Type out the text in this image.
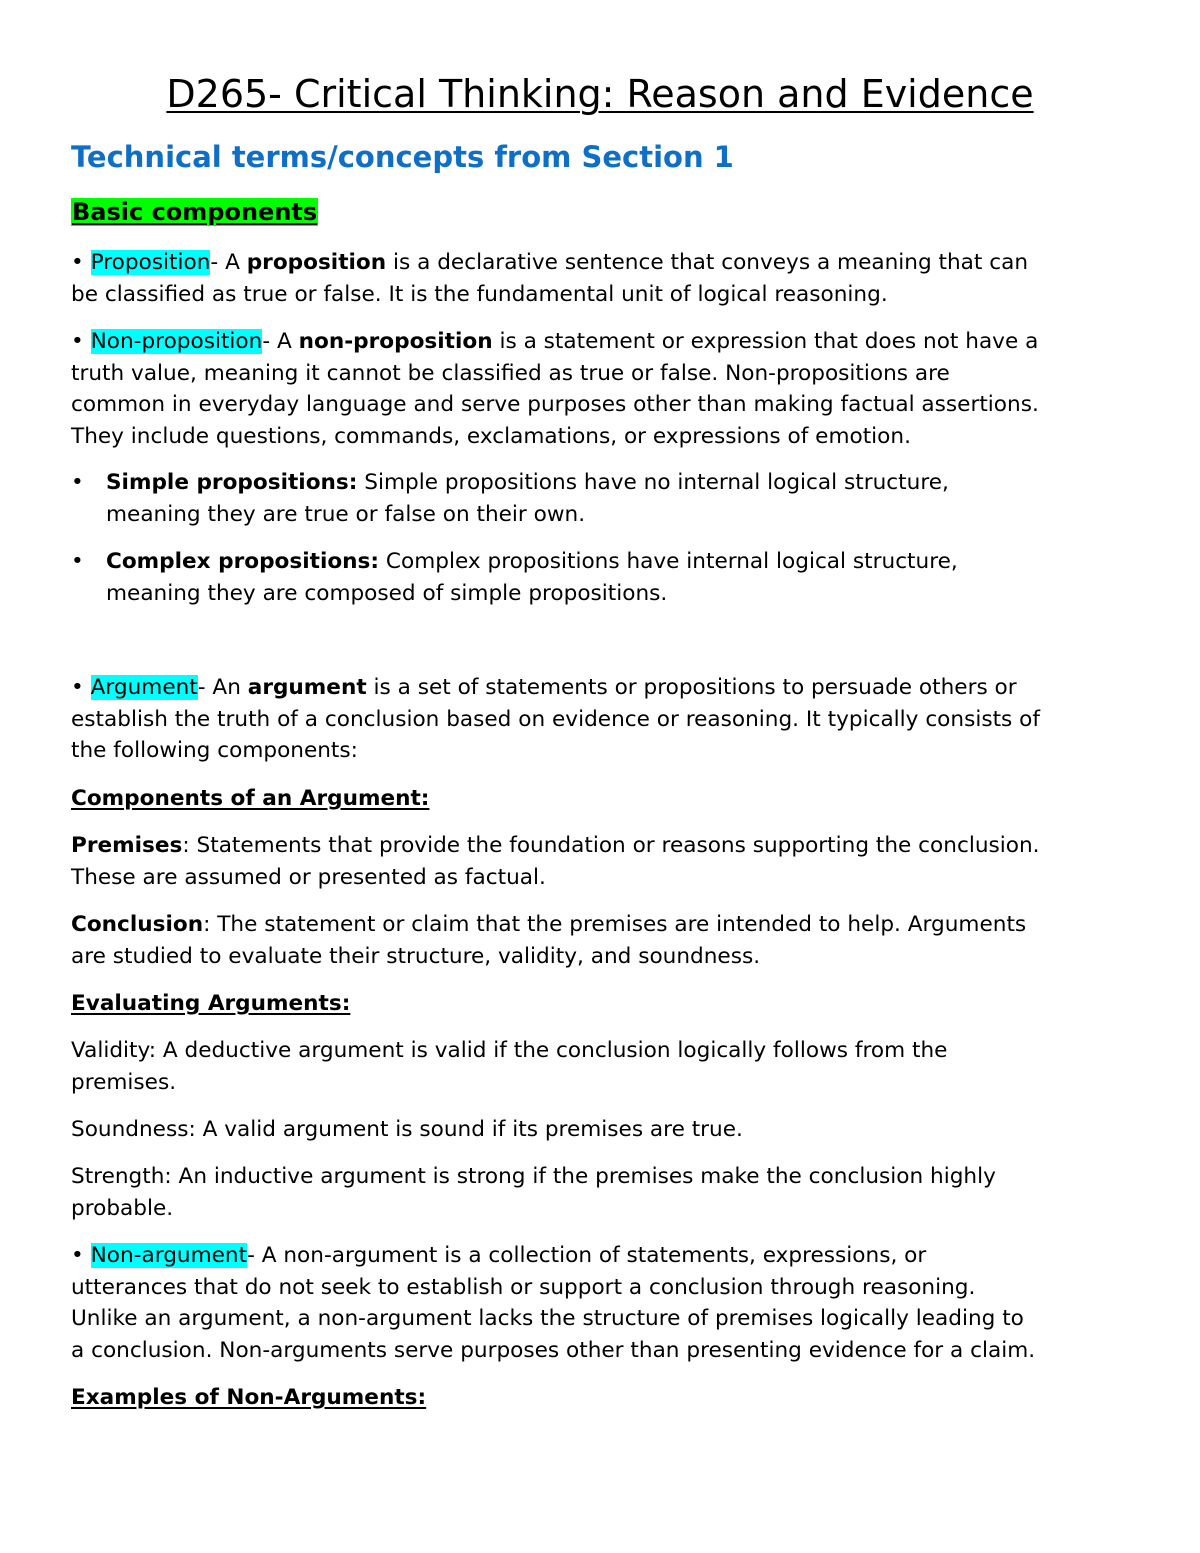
D265- Critical Thinking: Reason and Evidence
Technical terms/concepts from Section 1
Basic components
• Proposition- A proposition is a declarative sentence that conveys a meaning that can
be classified as true or false. It is the fundamental unit of logical reasoning.
• Non-proposition- A non-proposition is a statement or expression that does not have a
truth value, meaning it cannot be classified as true or false. Non-propositions are
common in everyday language and serve purposes other than making factual assertions.
They include questions, commands, exclamations, or expressions of emotion.
•	Simple propositions: Simple propositions have no internal logical structure,
meaning they are true or false on their own.
•	Complex propositions: Complex propositions have internal logical structure,
meaning they are composed of simple propositions.
• Argument- An argument is a set of statements or propositions to persuade others or
establish the truth of a conclusion based on evidence or reasoning. It typically consists of
the following components:
Components of an Argument:
Premises: Statements that provide the foundation or reasons supporting the conclusion.
These are assumed or presented as factual.
Conclusion: The statement or claim that the premises are intended to help. Arguments
are studied to evaluate their structure, validity, and soundness.
Evaluating Arguments:
Validity: A deductive argument is valid if the conclusion logically follows from the
premises.
Soundness: A valid argument is sound if its premises are true.
Strength: An inductive argument is strong if the premises make the conclusion highly
probable.
• Non-argument- A non-argument is a collection of statements, expressions, or
utterances that do not seek to establish or support a conclusion through reasoning.
Unlike an argument, a non-argument lacks the structure of premises logically leading to
a conclusion. Non-arguments serve purposes other than presenting evidence for a claim.
Examples of Non-Arguments:
